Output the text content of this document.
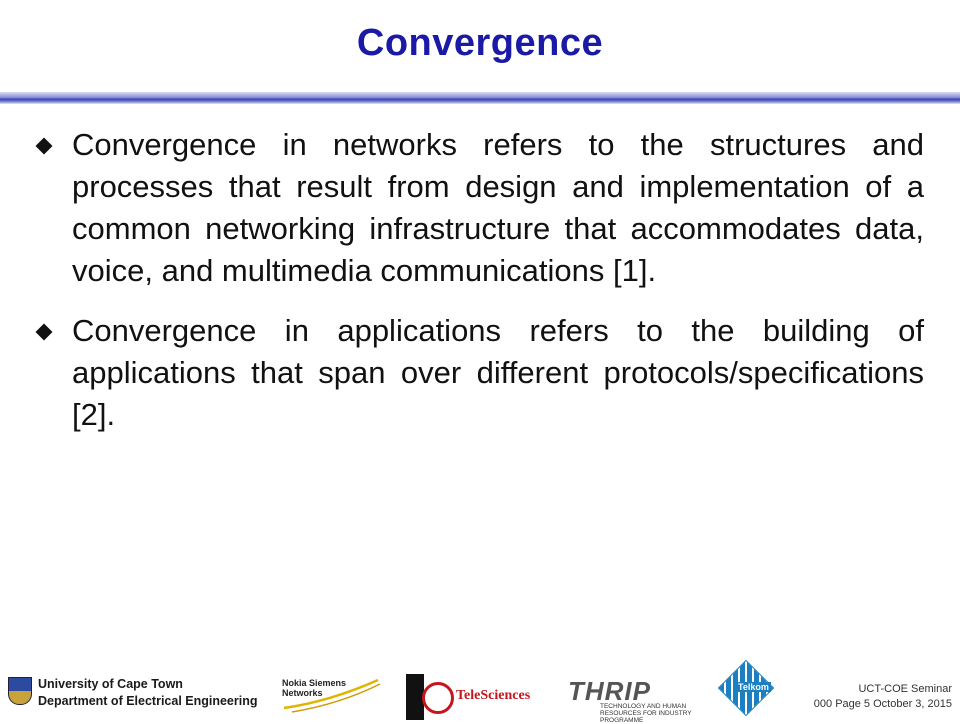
Convergence
Convergence in networks refers to the structures and processes that result from design and implementation of a common networking infrastructure that accommodates data, voice, and multimedia communications [1].
Convergence in applications refers to the building of applications that span over different protocols/specifications [2].
University of Cape Town
Department of Electrical Engineering
Nokia Siemens
Networks	TeleSciences THRIP
TECHNOLOGY AND HUMAN RESOURCES FOR INDUSTRY PROGRAMME
Telkom	UCT-COE Seminar
000 Page 5 October 3, 2015
